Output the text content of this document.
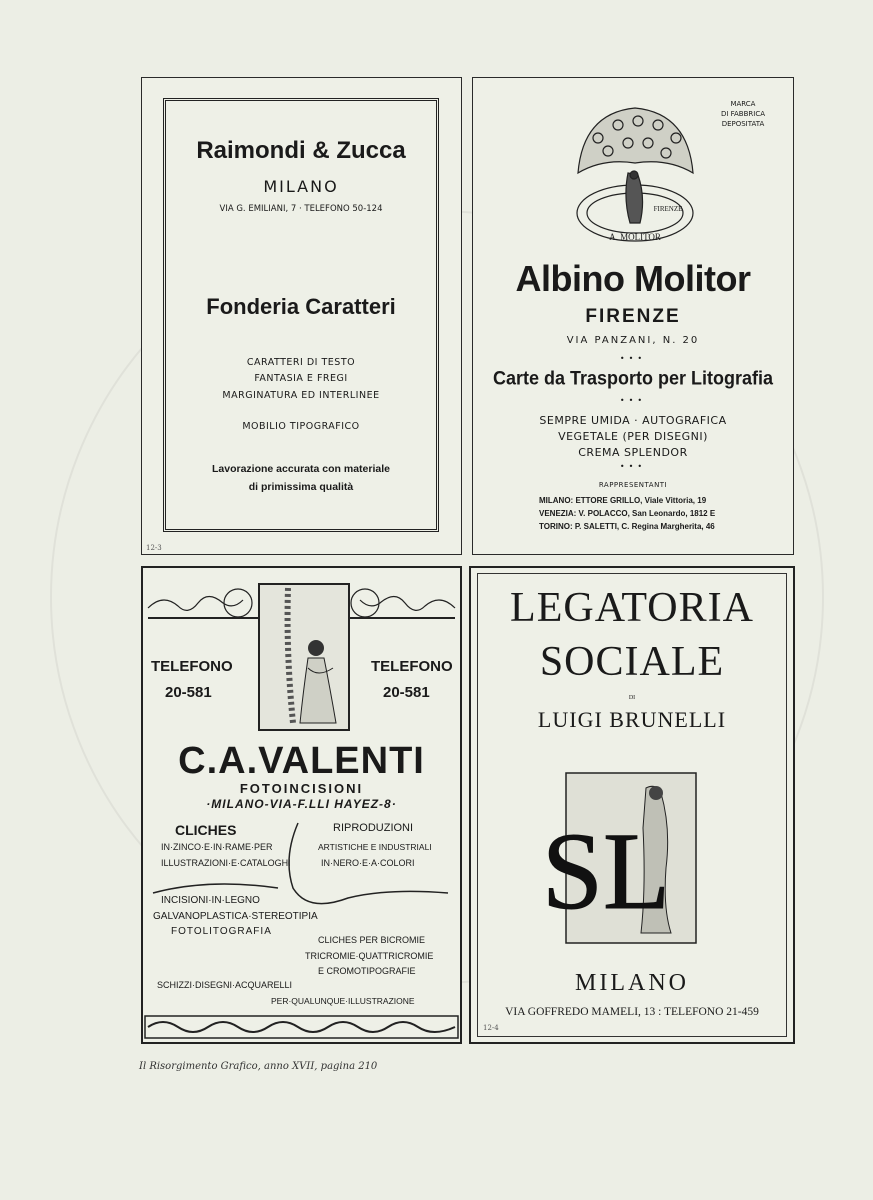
Raimondi & Zucca
MILANO
VIA G. EMILIANI, 7 · TELEFONO 50-124
Fonderia Caratteri
CARATTERI DI TESTO
FANTASIA E FREGI
MARGINATURA ED INTERLINEE
MOBILIO TIPOGRAFICO
Lavorazione accurata con materiale
di primissima qualità
12-3
MARCA
DI FABBRICA
DEPOSITATA
A. MOLITOR
FIRENZE
Albino Molitor
FIRENZE
VIA PANZANI, N. 20
•••
Carte da Trasporto per Litografia
•••
SEMPRE UMIDA · AUTOGRAFICA
VEGETALE (PER DISEGNI)
CREMA SPLENDOR
•••
RAPPRESENTANTI
MILANO: ETTORE GRILLO, Viale Vittoria, 19
VENEZIA: V. POLACCO, San Leonardo, 1812 E
TORINO: P. SALETTI, C. Regina Margherita, 46
TELEFONO
20-581
TELEFONO
20-581
C.A.VALENTI
FOTOINCISIONI
·MILANO-VIA-F.LLI HAYEZ-8·
CLICHES
IN·ZINCO·E·IN·RAME·PER
ILLUSTRAZIONI·E·CATALOGHI
RIPRODUZIONI
ARTISTICHE E INDUSTRIALI
IN·NERO·E·A·COLORI
INCISIONI·IN·LEGNO
GALVANOPLASTICA·STEREOTIPIA
FOTOLITOGRAFIA
CLICHES PER BICROMIE
TRICROMIE·QUATTRICROMIE
E CROMOTIPOGRAFIE
SCHIZZI·DISEGNI·ACQUARELLI
PER·QUALUNQUE·ILLUSTRAZIONE
LEGATORIA
SOCIALE
DI
LUIGI BRUNELLI
SL
MILANO
VIA GOFFREDO MAMELI, 13 : TELEFONO 21-459
12-4
Il Risorgimento Grafico, anno XVII, pagina 210
